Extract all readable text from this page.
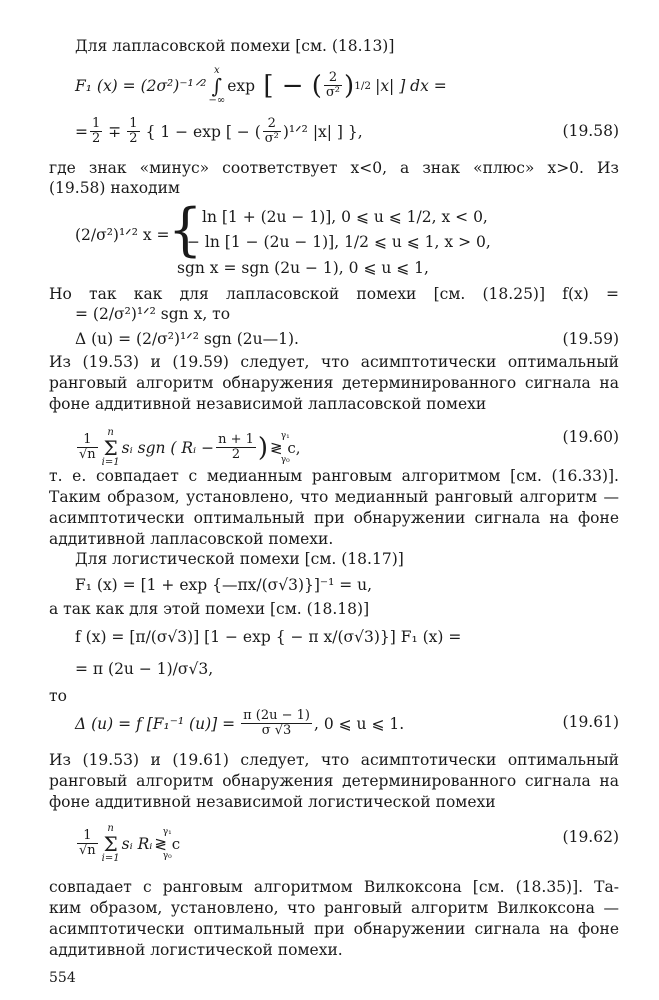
Для лапласовской помехи [см. (18.13)]
F₁ (x) = (2σ²)⁻¹ᐟ²
x
∫
−∞
exp [ − ( $\frac{2}{\text{σ²}}$ ) 1/2 |x| ] dx =
= $\frac{1}{2} \mp \frac{1}{2}$ { 1 − exp [ − ( $\frac{2}{\text{σ²}}$ )¹ᐟ² |x| ] },	(19.58)
где знак «минус» соответствует x<0, а знак «плюс» x>0. Из
(19.58) находим
(2/σ²)¹ᐟ² x =
{ ln [1 + (2u − 1)], 0 ⩽ u ⩽ 1/2, x < 0,
− ln [1 − (2u − 1)], 1/2 ⩽ u ⩽ 1, x > 0,
sgn x = sgn (2u − 1), 0 ⩽ u ⩽ 1,
Но так как для лапласовской помехи [см. (18.25)] f(x) =
= (2/σ²)¹ᐟ² sgn x, то
Δ (u) = (2/σ²)¹ᐟ² sgn (2u—1).	(19.59)
Из (19.53) и (19.59) следует, что асимптотически оптимальный
ранговый алгоритм обнаружения детерминированного сигнала на
фоне аддитивной независимой лапласовской помехи
$\frac{1}{√n}$
n
Σ
i=1
sᵢ sgn ( Rᵢ − $\frac{n + 1}{2}$ )	γ₁
≷ c,
γ₀
(19.60)
т. е. совпадает с медианным ранговым алгоритмом [см. (16.33)].
Таким образом, установлено, что медианный ранговый алгоритм —
асимптотически оптимальный при обнаружении сигнала на фоне
аддитивной лапласовской помехи.
Для логистической помехи [см. (18.17)]
F₁ (x) = [1 + exp {—πx/(σ√3)}]⁻¹ = u,
а так как для этой помехи [см. (18.18)]
f (x) = [π/(σ√3)] [1 − exp { − π x/(σ√3)}] F₁ (x) =
= π (2u − 1)/σ√3,
то
Δ (u) = f [F₁⁻¹ $(u)] = \frac{\pi (2u - 1)}{\sigma √3}$ , 0 ⩽ u ⩽ 1.	(19.61)
Из (19.53) и (19.61) следует, что асимптотически оптимальный
ранговый алгоритм обнаружения детерминированного сигнала на
фоне аддитивной независимой логистической помехи
$\frac{1}{√n}$
n
Σ
i=1
sᵢ Rᵢ
γ₁
≷ c
γ₀
(19.62)
совпадает с ранговым алгоритмом Вилкоксона [см. (18.35)]. Та-
ким образом, установлено, что ранговый алгоритм Вилкоксона —
асимптотически оптимальный при обнаружении сигнала на фоне
аддитивной логистической помехи.
554
